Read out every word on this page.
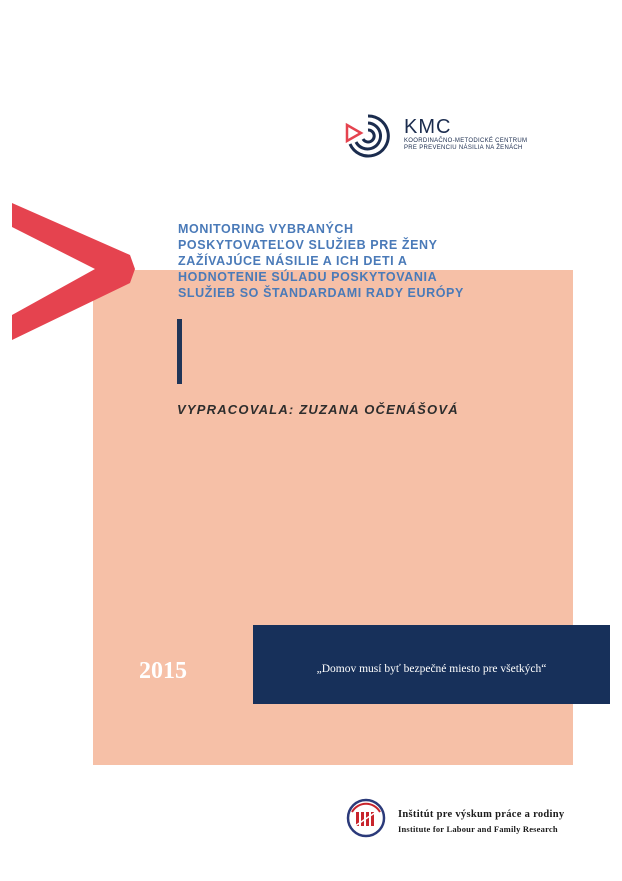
KMC
KOORDINAČNO-METODICKÉ CENTRUM
PRE PREVENCIU NÁSILIA NA ŽENÁCH
MONITORING VYBRANÝCH
POSKYTOVATEĽOV SLUŽIEB PRE ŽENY
ZAŽÍVAJÚCE NÁSILIE A ICH DETI A
HODNOTENIE SÚLADU POSKYTOVANIA
SLUŽIEB SO ŠTANDARDAMI RADY EURÓPY
VYPRACOVALA: ZUZANA OČENÁŠOVÁ
2015	„Domov musí byť bezpečné miesto pre všetkých“
Inštitút pre výskum práce a rodiny
Institute for Labour and Family Research
